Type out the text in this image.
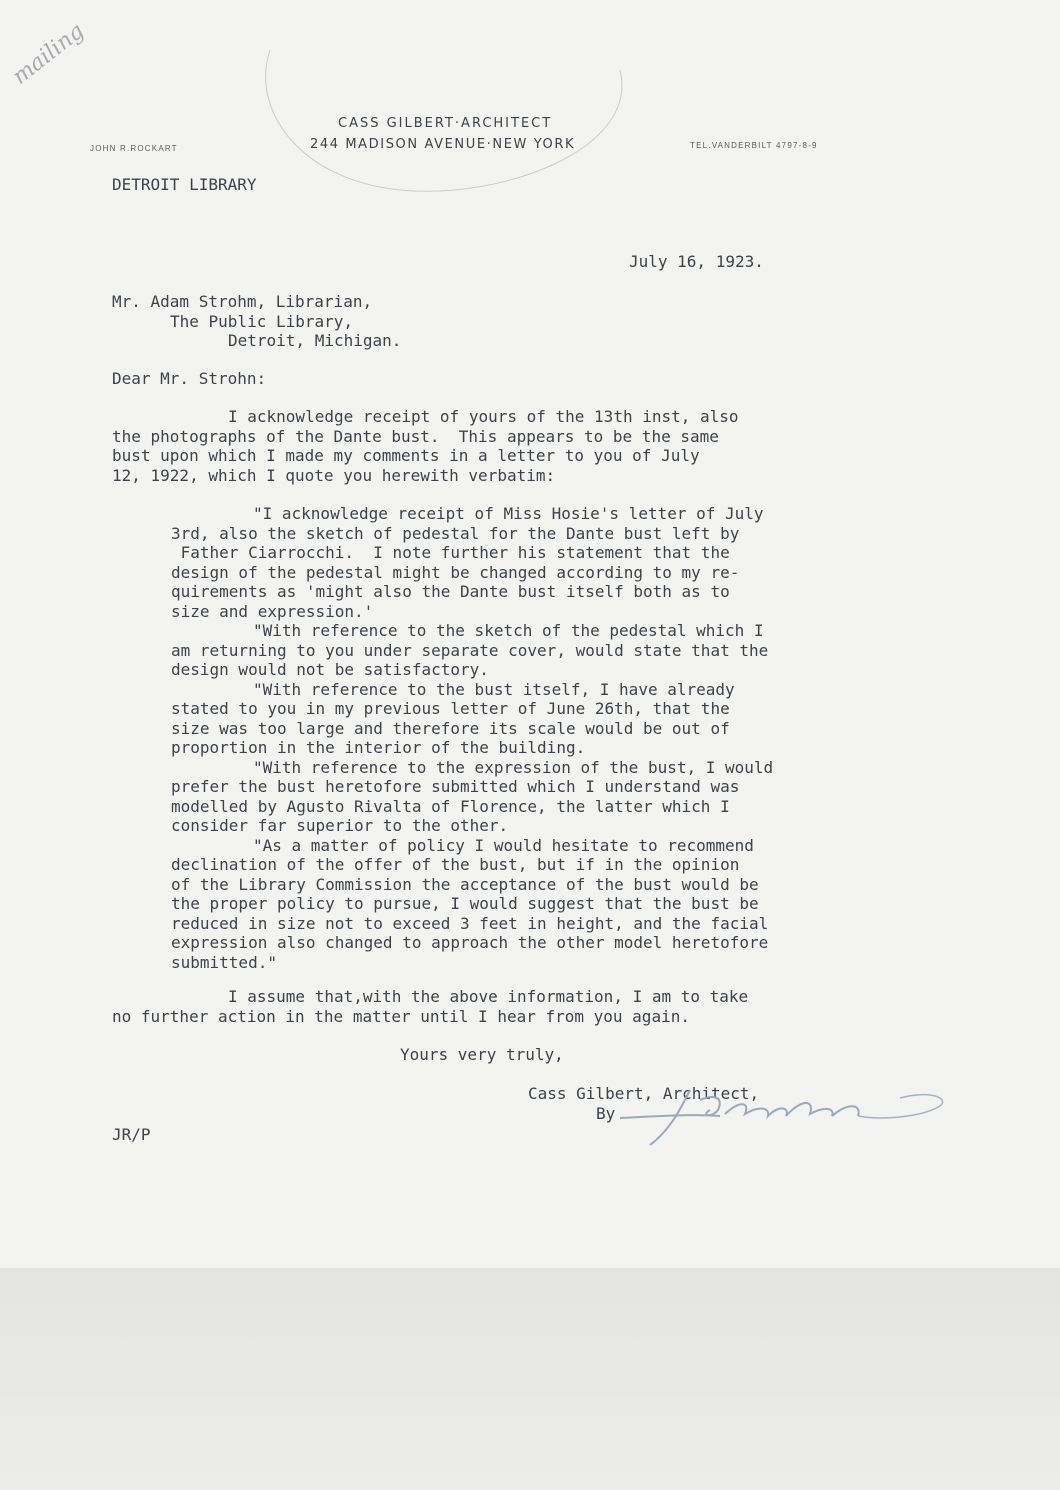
mailing
JOHN R.ROCKART
CASS GILBERT·ARCHITECT
244 MADISON AVENUE·NEW YORK	TEL.VANDERBILT 4797-8-9
DETROIT LIBRARY
July 16, 1923.
Mr. Adam Strohm, Librarian,
The Public Library,
Detroit, Michigan.
Dear Mr. Strohn:
I acknowledge receipt of yours of the 13th inst, also
the photographs of the Dante bust.  This appears to be the same
bust upon which I made my comments in a letter to you of July
12, 1922, which I quote you herewith verbatim:
"I acknowledge receipt of Miss Hosie's letter of July
3rd, also the sketch of pedestal for the Dante bust left by
Father Ciarrocchi.  I note further his statement that the
design of the pedestal might be changed according to my re-
quirements as 'might also the Dante bust itself both as to
size and expression.'
"With reference to the sketch of the pedestal which I
am returning to you under separate cover, would state that the
design would not be satisfactory.
"With reference to the bust itself, I have already
stated to you in my previous letter of June 26th, that the
size was too large and therefore its scale would be out of
proportion in the interior of the building.
"With reference to the expression of the bust, I would
prefer the bust heretofore submitted which I understand was
modelled by Agusto Rivalta of Florence, the latter which I
consider far superior to the other.
"As a matter of policy I would hesitate to recommend
declination of the offer of the bust, but if in the opinion
of the Library Commission the acceptance of the bust would be
the proper policy to pursue, I would suggest that the bust be
reduced in size not to exceed 3 feet in height, and the facial
expression also changed to approach the other model heretofore
submitted."
I assume that,with the above information, I am to take
no further action in the matter until I hear from you again.
Yours very truly,
Cass Gilbert, Architect,
By
JR/P
